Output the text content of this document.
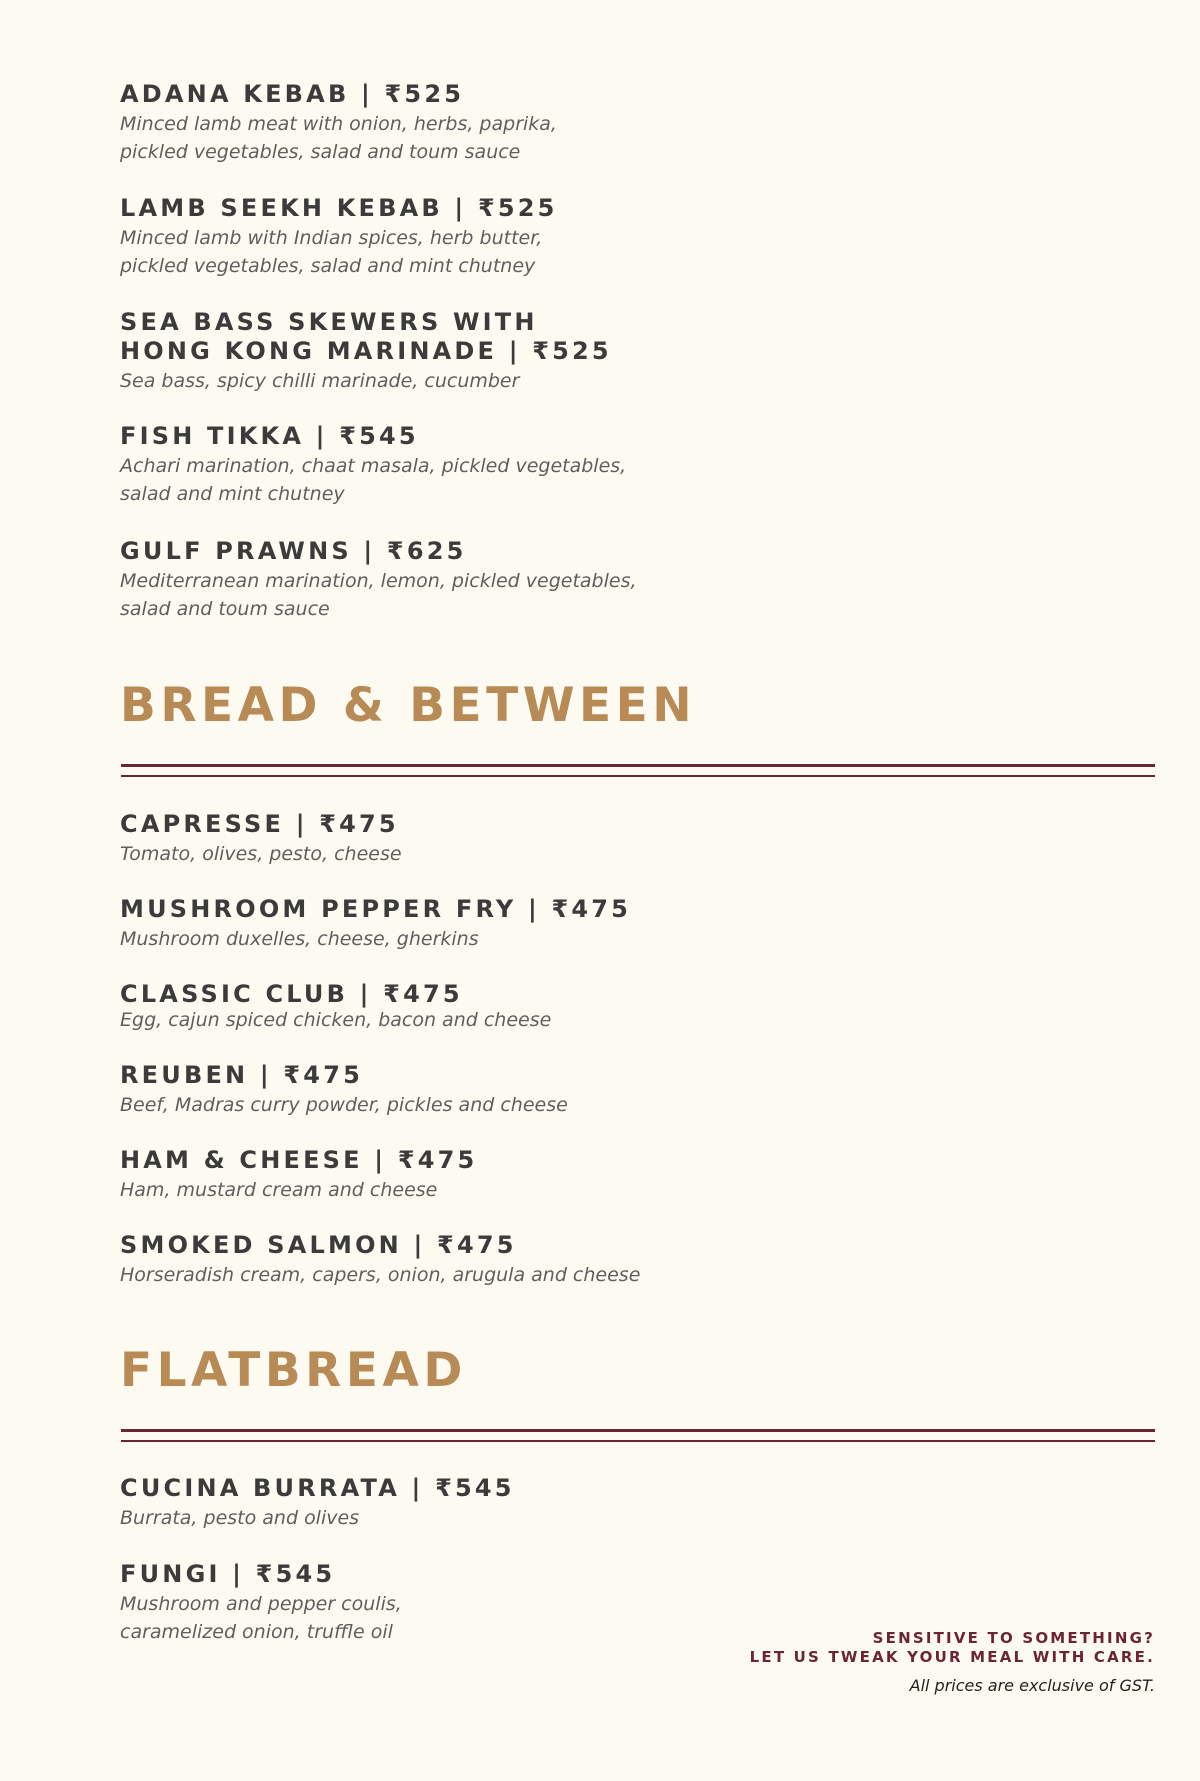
ADANA KEBAB | ₹525
Minced lamb meat with onion, herbs, paprika,
pickled vegetables, salad and toum sauce
LAMB SEEKH KEBAB | ₹525
Minced lamb with Indian spices, herb butter,
pickled vegetables, salad and mint chutney
SEA BASS SKEWERS WITH
HONG KONG MARINADE | ₹525
Sea bass, spicy chilli marinade, cucumber
FISH TIKKA | ₹545
Achari marination, chaat masala, pickled vegetables,
salad and mint chutney
GULF PRAWNS | ₹625
Mediterranean marination, lemon, pickled vegetables,
salad and toum sauce
BREAD & BETWEEN
CAPRESSE | ₹475
Tomato, olives, pesto, cheese
MUSHROOM PEPPER FRY | ₹475
Mushroom duxelles, cheese, gherkins
CLASSIC CLUB | ₹475
Egg, cajun spiced chicken, bacon and cheese
REUBEN | ₹475
Beef, Madras curry powder, pickles and cheese
HAM & CHEESE | ₹475
Ham, mustard cream and cheese
SMOKED SALMON | ₹475
Horseradish cream, capers, onion, arugula and cheese
FLATBREAD
CUCINA BURRATA | ₹545
Burrata, pesto and olives
FUNGI | ₹545
Mushroom and pepper coulis,
caramelized onion, truffle oil	SENSITIVE TO SOMETHING?
LET US TWEAK YOUR MEAL WITH CARE.
All prices are exclusive of GST.
